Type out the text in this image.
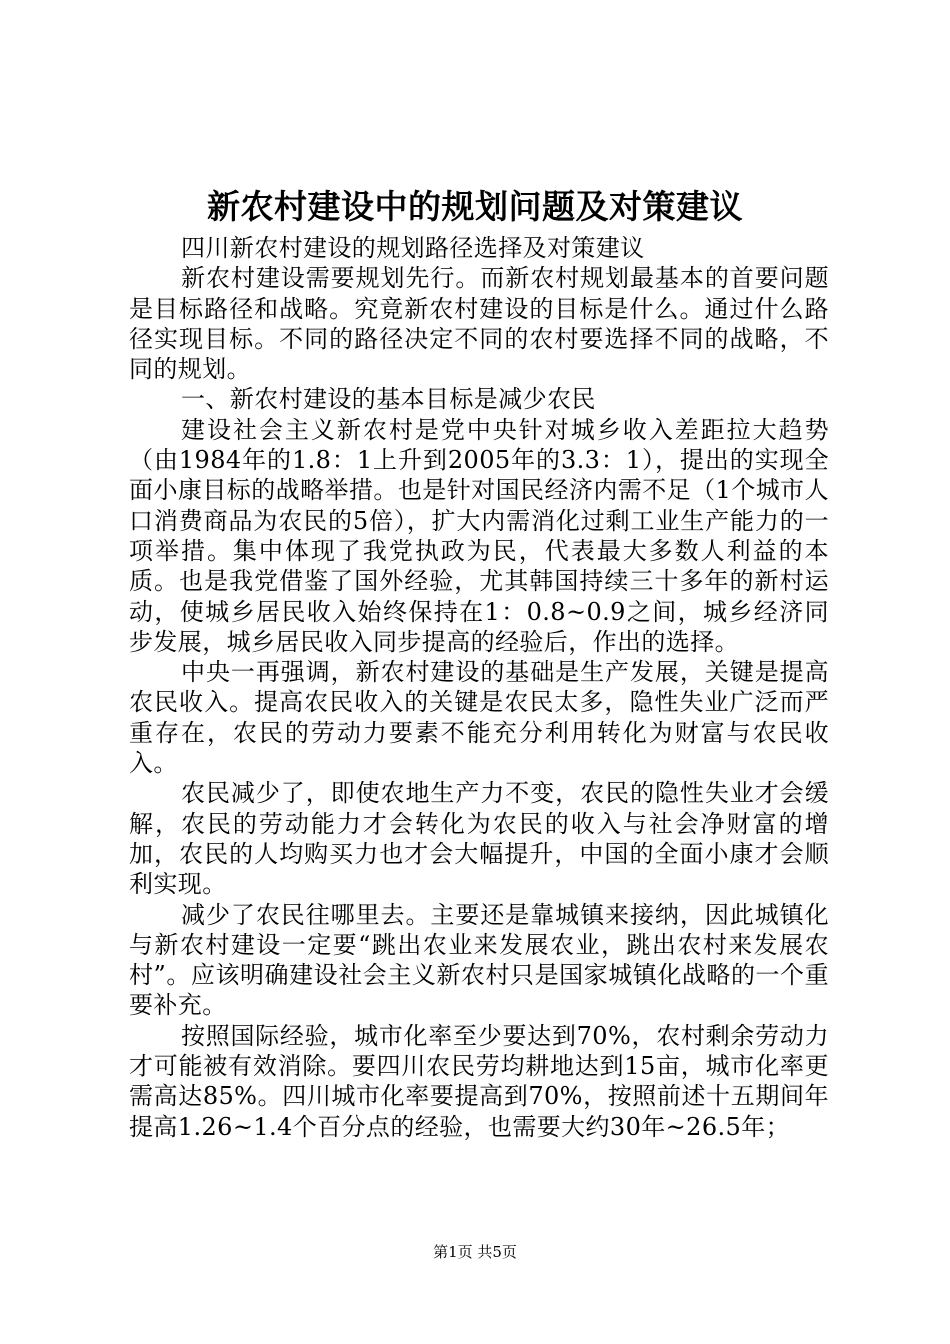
新农村建设中的规划问题及对策建议

四川新农村建设的规划路径选择及对策建议

新农村建设需要规划先行。而新农村规划最基本的首要问题是目标路径和战略。究竟新农村建设的目标是什么。通过什么路径实现目标。不同的路径决定不同的农村要选择不同的战略，不同的规划。

一、新农村建设的基本目标是减少农民

建设社会主义新农村是党中央针对城乡收入差距拉大趋势（由1984年的1.8：1上升到2005年的3.3：1），提出的实现全面小康目标的战略举措。也是针对国民经济内需不足（1个城市人口消费商品为农民的5倍），扩大内需消化过剩工业生产能力的一项举措。集中体现了我党执政为民，代表最大多数人利益的本质。也是我党借鉴了国外经验，尤其韩国持续三十多年的新村运动，使城乡居民收入始终保持在1：0.8~0.9之间，城乡经济同步发展，城乡居民收入同步提高的经验后，作出的选择。

中央一再强调，新农村建设的基础是生产发展，关键是提高农民收入。提高农民收入的关键是农民太多，隐性失业广泛而严重存在，农民的劳动力要素不能充分利用转化为财富与农民收入。

农民减少了，即使农地生产力不变，农民的隐性失业才会缓解，农民的劳动能力才会转化为农民的收入与社会净财富的增加，农民的人均购买力也才会大幅提升，中国的全面小康才会顺利实现。

减少了农民往哪里去。主要还是靠城镇来接纳，因此城镇化与新农村建设一定要“跳出农业来发展农业，跳出农村来发展农村”。应该明确建设社会主义新农村只是国家城镇化战略的一个重要补充。

按照国际经验，城市化率至少要达到70%，农村剩余劳动力才可能被有效消除。要四川农民劳均耕地达到15亩，城市化率更需高达85%。四川城市化率要提高到70%，按照前述十五期间年提高1.26~1.4个百分点的经验，也需要大约30年~26.5年；

第1页 共5页
